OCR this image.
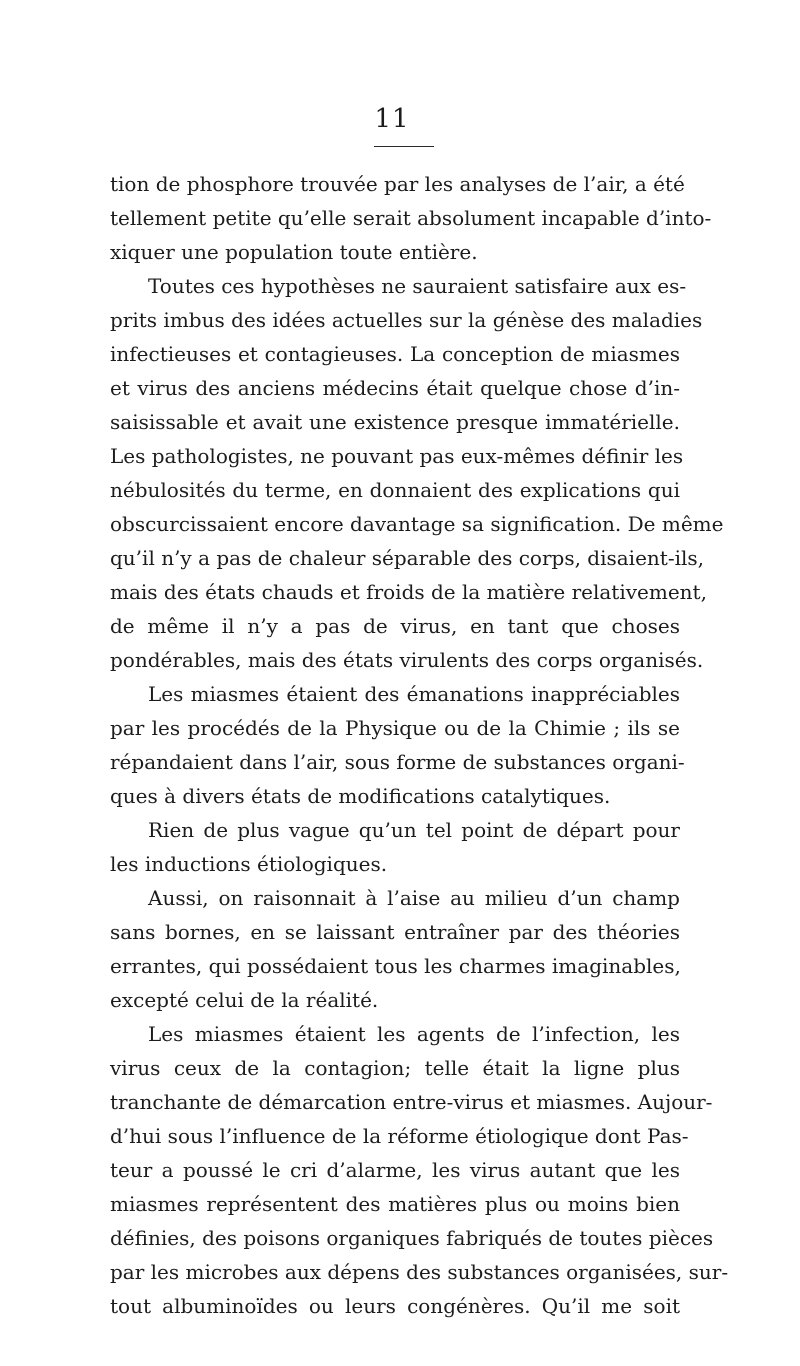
11
tion de phosphore trouvée par les analyses de l’air, a été
tellement petite qu’elle serait absolument incapable d’into-
xiquer une population toute entière.
Toutes ces hypothèses ne sauraient satisfaire aux es-
prits imbus des idées actuelles sur la génèse des maladies
infectieuses et contagieuses. La conception de miasmes
et virus des anciens médecins était quelque chose d’in-
saisissable et avait une existence presque immatérielle.
Les pathologistes, ne pouvant pas eux-mêmes définir les
nébulosités du terme, en donnaient des explications qui
obscurcissaient encore davantage sa signification. De même
qu’il n’y a pas de chaleur séparable des corps, disaient-ils,
mais des états chauds et froids de la matière relativement,
de même il n’y a pas de virus, en tant que choses
pondérables, mais des états virulents des corps organisés.
Les miasmes étaient des émanations inappréciables
par les procédés de la Physique ou de la Chimie ; ils se
répandaient dans l’air, sous forme de substances organi-
ques à divers états de modifications catalytiques.
Rien de plus vague qu’un tel point de départ pour
les inductions étiologiques.
Aussi, on raisonnait à l’aise au milieu d’un champ
sans bornes, en se laissant entraîner par des théories
errantes, qui possédaient tous les charmes imaginables,
excepté celui de la réalité.
Les miasmes étaient les agents de l’infection, les
virus ceux de la contagion; telle était la ligne plus
tranchante de démarcation entre-virus et miasmes. Aujour-
d’hui sous l’influence de la réforme étiologique dont Pas-
teur a poussé le cri d’alarme, les virus autant que les
miasmes représentent des matières plus ou moins bien
définies, des poisons organiques fabriqués de toutes pièces
par les microbes aux dépens des substances organisées, sur-
tout albuminoïdes ou leurs congénères. Qu’il me soit
